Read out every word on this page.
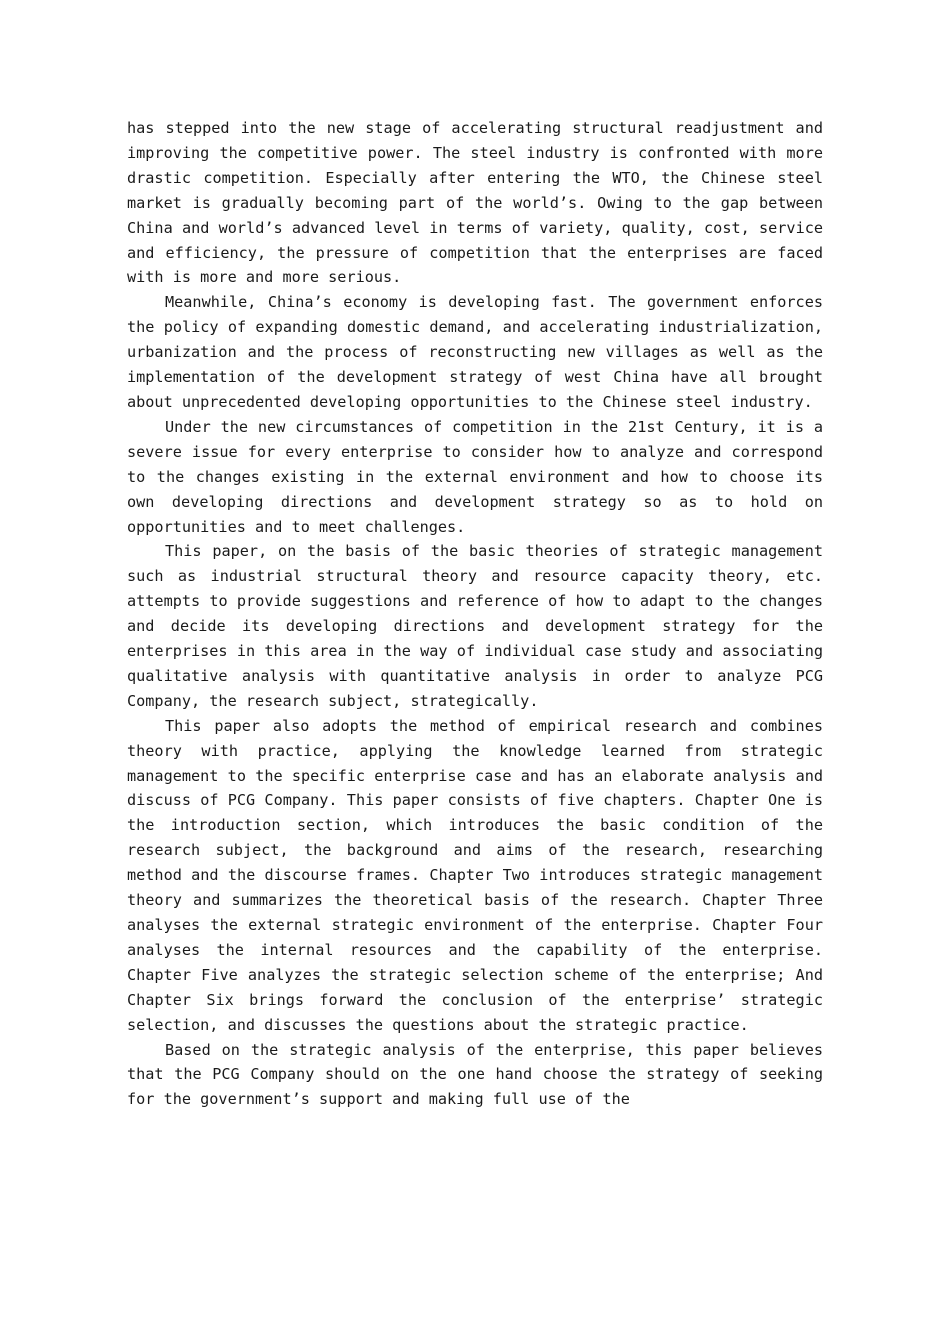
has stepped into the new stage of accelerating structural readjustment and improving the competitive power. The steel industry is confronted with more drastic competition. Especially after entering the WTO, the Chinese steel market is gradually becoming part of the world’s. Owing to the gap between China and world’s advanced level in terms of variety, quality, cost, service and efficiency, the pressure of competition that the enterprises are faced with is more and more serious.

Meanwhile, China’s economy is developing fast. The government enforces the policy of expanding domestic demand, and accelerating industrialization, urbanization and the process of reconstructing new villages as well as the implementation of the development strategy of west China have all brought about unprecedented developing opportunities to the Chinese steel industry.

Under the new circumstances of competition in the 21st Century, it is a severe issue for every enterprise to consider how to analyze and correspond to the changes existing in the external environment and how to choose its own developing directions and development strategy so as to hold on opportunities and to meet challenges.

This paper, on the basis of the basic theories of strategic management such as industrial structural theory and resource capacity theory, etc. attempts to provide suggestions and reference of how to adapt to the changes and decide its developing directions and development strategy for the enterprises in this area in the way of individual case study and associating qualitative analysis with quantitative analysis in order to analyze PCG Company, the research subject, strategically.

This paper also adopts the method of empirical research and combines theory with practice, applying the knowledge learned from strategic management to the specific enterprise case and has an elaborate analysis and discuss of PCG Company. This paper consists of five chapters. Chapter One is the introduction section, which introduces the basic condition of the research subject, the background and aims of the research, researching method and the discourse frames. Chapter Two introduces strategic management theory and summarizes the theoretical basis of the research. Chapter Three analyses the external strategic environment of the enterprise. Chapter Four analyses the internal resources and the capability of the enterprise. Chapter Five analyzes the strategic selection scheme of the enterprise; And Chapter Six brings forward the conclusion of the enterprise’ strategic selection, and discusses the questions about the strategic practice.

Based on the strategic analysis of the enterprise, this paper believes that the PCG Company should on the one hand choose the strategy of seeking for the government’s support and making full use of the
